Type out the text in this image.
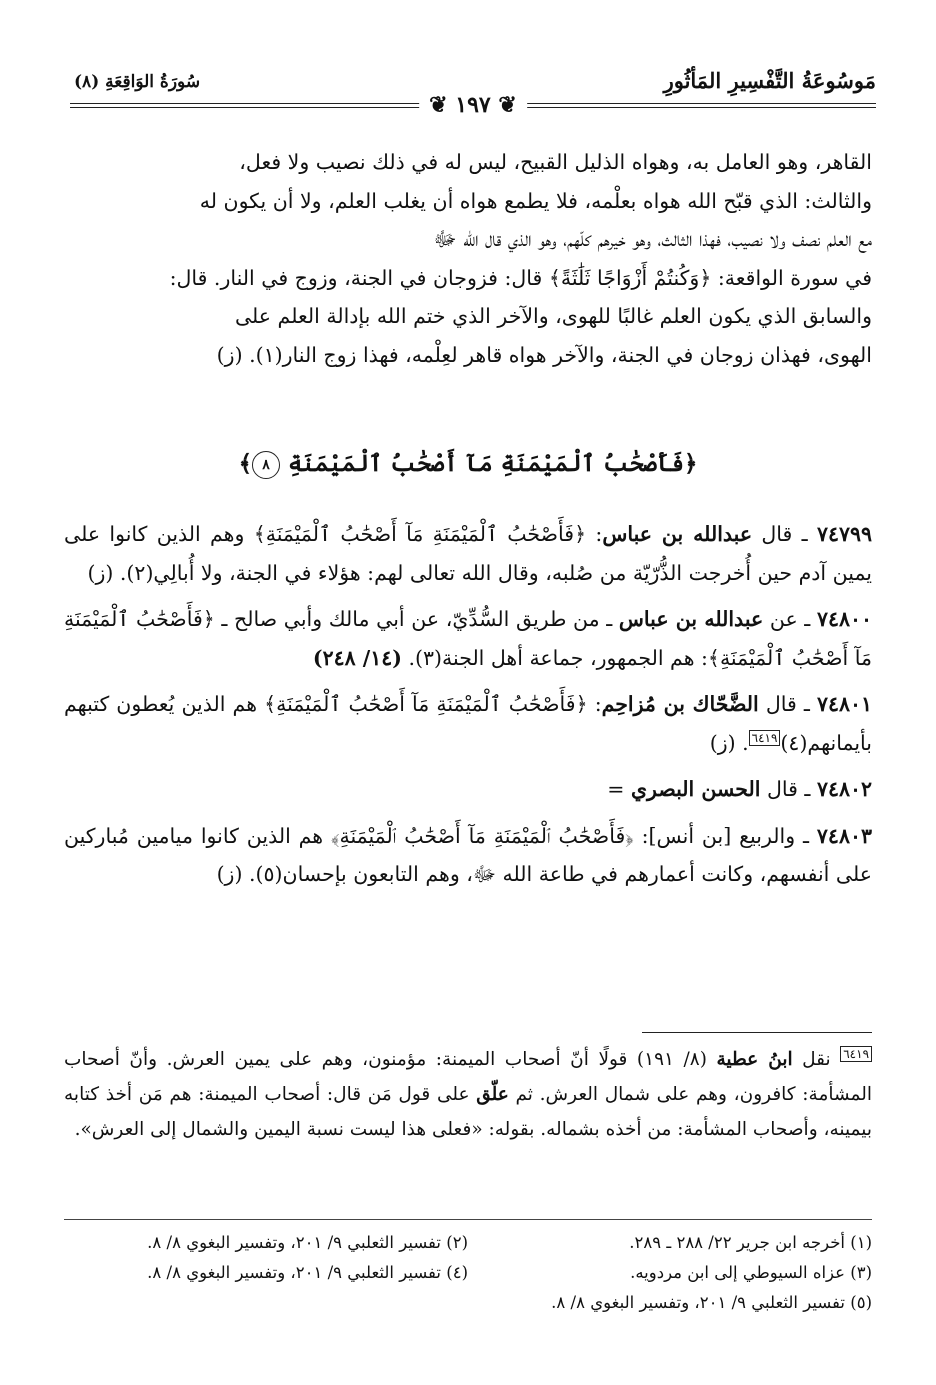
مَوسُوعَةُ التَّفْسِيرِ المَأثُورِ
سُورَةُ الوَاقِعَةِ (٨)
❦ ١٩٧ ❦

القاهر، وهو العامل به، وهواه الذليل القبيح، ليس له في ذلك نصيب ولا فعل،

والثالث: الذي قبّح الله هواه بعلْمه، فلا يطمع هواه أن يغلب العلم، ولا أن يكون له

مع العلم نصف ولا نصيب، فهذا الثالث، وهو خيرهم كلّهم، وهو الذي قال الله ﷻ

في سورة الواقعة: ﴿وَكُنتُمْ أَزْوَاجًا ثَلَٰثَةً﴾ قال: فزوجان في الجنة، وزوج في النار. قال:

والسابق الذي يكون العلم غالبًا للهوى، والآخر الذي ختم الله بإدالة العلم على

الهوى، فهذان زوجان في الجنة، والآخر هواه قاهر لعِلْمه، فهذا زوج النار(١). (ز)

﴿فَأَصْحَٰبُ ٱلْمَيْمَنَةِ مَآ أَصْحَٰبُ ٱلْمَيْمَنَةِ ٨﴾

٧٤٧٩٩ ـ قال عبدالله بن عباس: ﴿فَأَصْحَٰبُ ٱلْمَيْمَنَةِ مَآ أَصْحَٰبُ ٱلْمَيْمَنَةِ﴾ وهم الذين كانوا على يمين آدم حين أُخرجت الذُّرّيّة من صُلبه، وقال الله تعالى لهم: هؤلاء في الجنة، ولا أُبالِي(٢). (ز)

٧٤٨٠٠ ـ عن عبدالله بن عباس ـ من طريق السُّدِّيّ، عن أبي مالك وأبي صالح ـ ﴿فَأَصْحَٰبُ ٱلْمَيْمَنَةِ مَآ أَصْحَٰبُ ٱلْمَيْمَنَةِ﴾: هم الجمهور، جماعة أهل الجنة(٣). (١٤/ ٢٤٨)

٧٤٨٠١ ـ قال الضَّحّاك بن مُزاحِم: ﴿فَأَصْحَٰبُ ٱلْمَيْمَنَةِ مَآ أَصْحَٰبُ ٱلْمَيْمَنَةِ﴾ هم الذين يُعطون كتبهم بأيمانهم(٤)٦٤١٩. (ز)

٧٤٨٠٢ ـ قال الحسن البصري =

٧٤٨٠٣ ـ والربيع [بن أنس]: ﴿فَأَصْحَٰبُ ٱلْمَيْمَنَةِ مَآ أَصْحَٰبُ ٱلْمَيْمَنَةِ﴾ هم الذين كانوا ميامين مُباركين على أنفسهم، وكانت أعمارهم في طاعة الله ﷻ، وهم التابعون بإحسان(٥). (ز)

٦٤١٩ نقل ابنُ عطية (٨/ ١٩١) قولًا أنّ أصحاب الميمنة: مؤمنون، وهم على يمين العرش. وأنّ أصحاب المشأمة: كافرون، وهم على شمال العرش. ثم علّق على قول مَن قال: أصحاب الميمنة: هم مَن أخذ كتابه بيمينه، وأصحاب المشأمة: من أخذه بشماله. بقوله: «فعلى هذا ليست نسبة اليمين والشمال إلى العرش».
(١) أخرجه ابن جرير ٢٢/ ٢٨٨ ـ ٢٨٩.
(٢) تفسير الثعلبي ٩/ ٢٠١، وتفسير البغوي ٨/ ٨.
(٣) عزاه السيوطي إلى ابن مردويه.
(٤) تفسير الثعلبي ٩/ ٢٠١، وتفسير البغوي ٨/ ٨.
(٥) تفسير الثعلبي ٩/ ٢٠١، وتفسير البغوي ٨/ ٨.
